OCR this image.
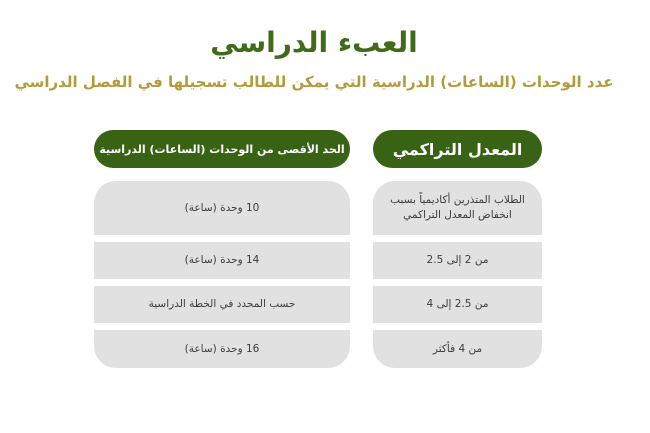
العبء الدراسي
عدد الوحدات (الساعات) الدراسية التي يمكن للطالب تسجيلها في الفصل الدراسي
الحد الأقصى من الوحدات (الساعات) الدراسية	المعدل التراكمي
10 وحدة (ساعة)
14 وحدة (ساعة)
حسب المحدد في الخطة الدراسية
16 وحدة (ساعة)
الطلاب المتذرين أكاديمياً بسبب انخفاض المعدل التراكمي
من 2 إلى 2.5
من 2.5 إلى 4
من 4 فأكثر
